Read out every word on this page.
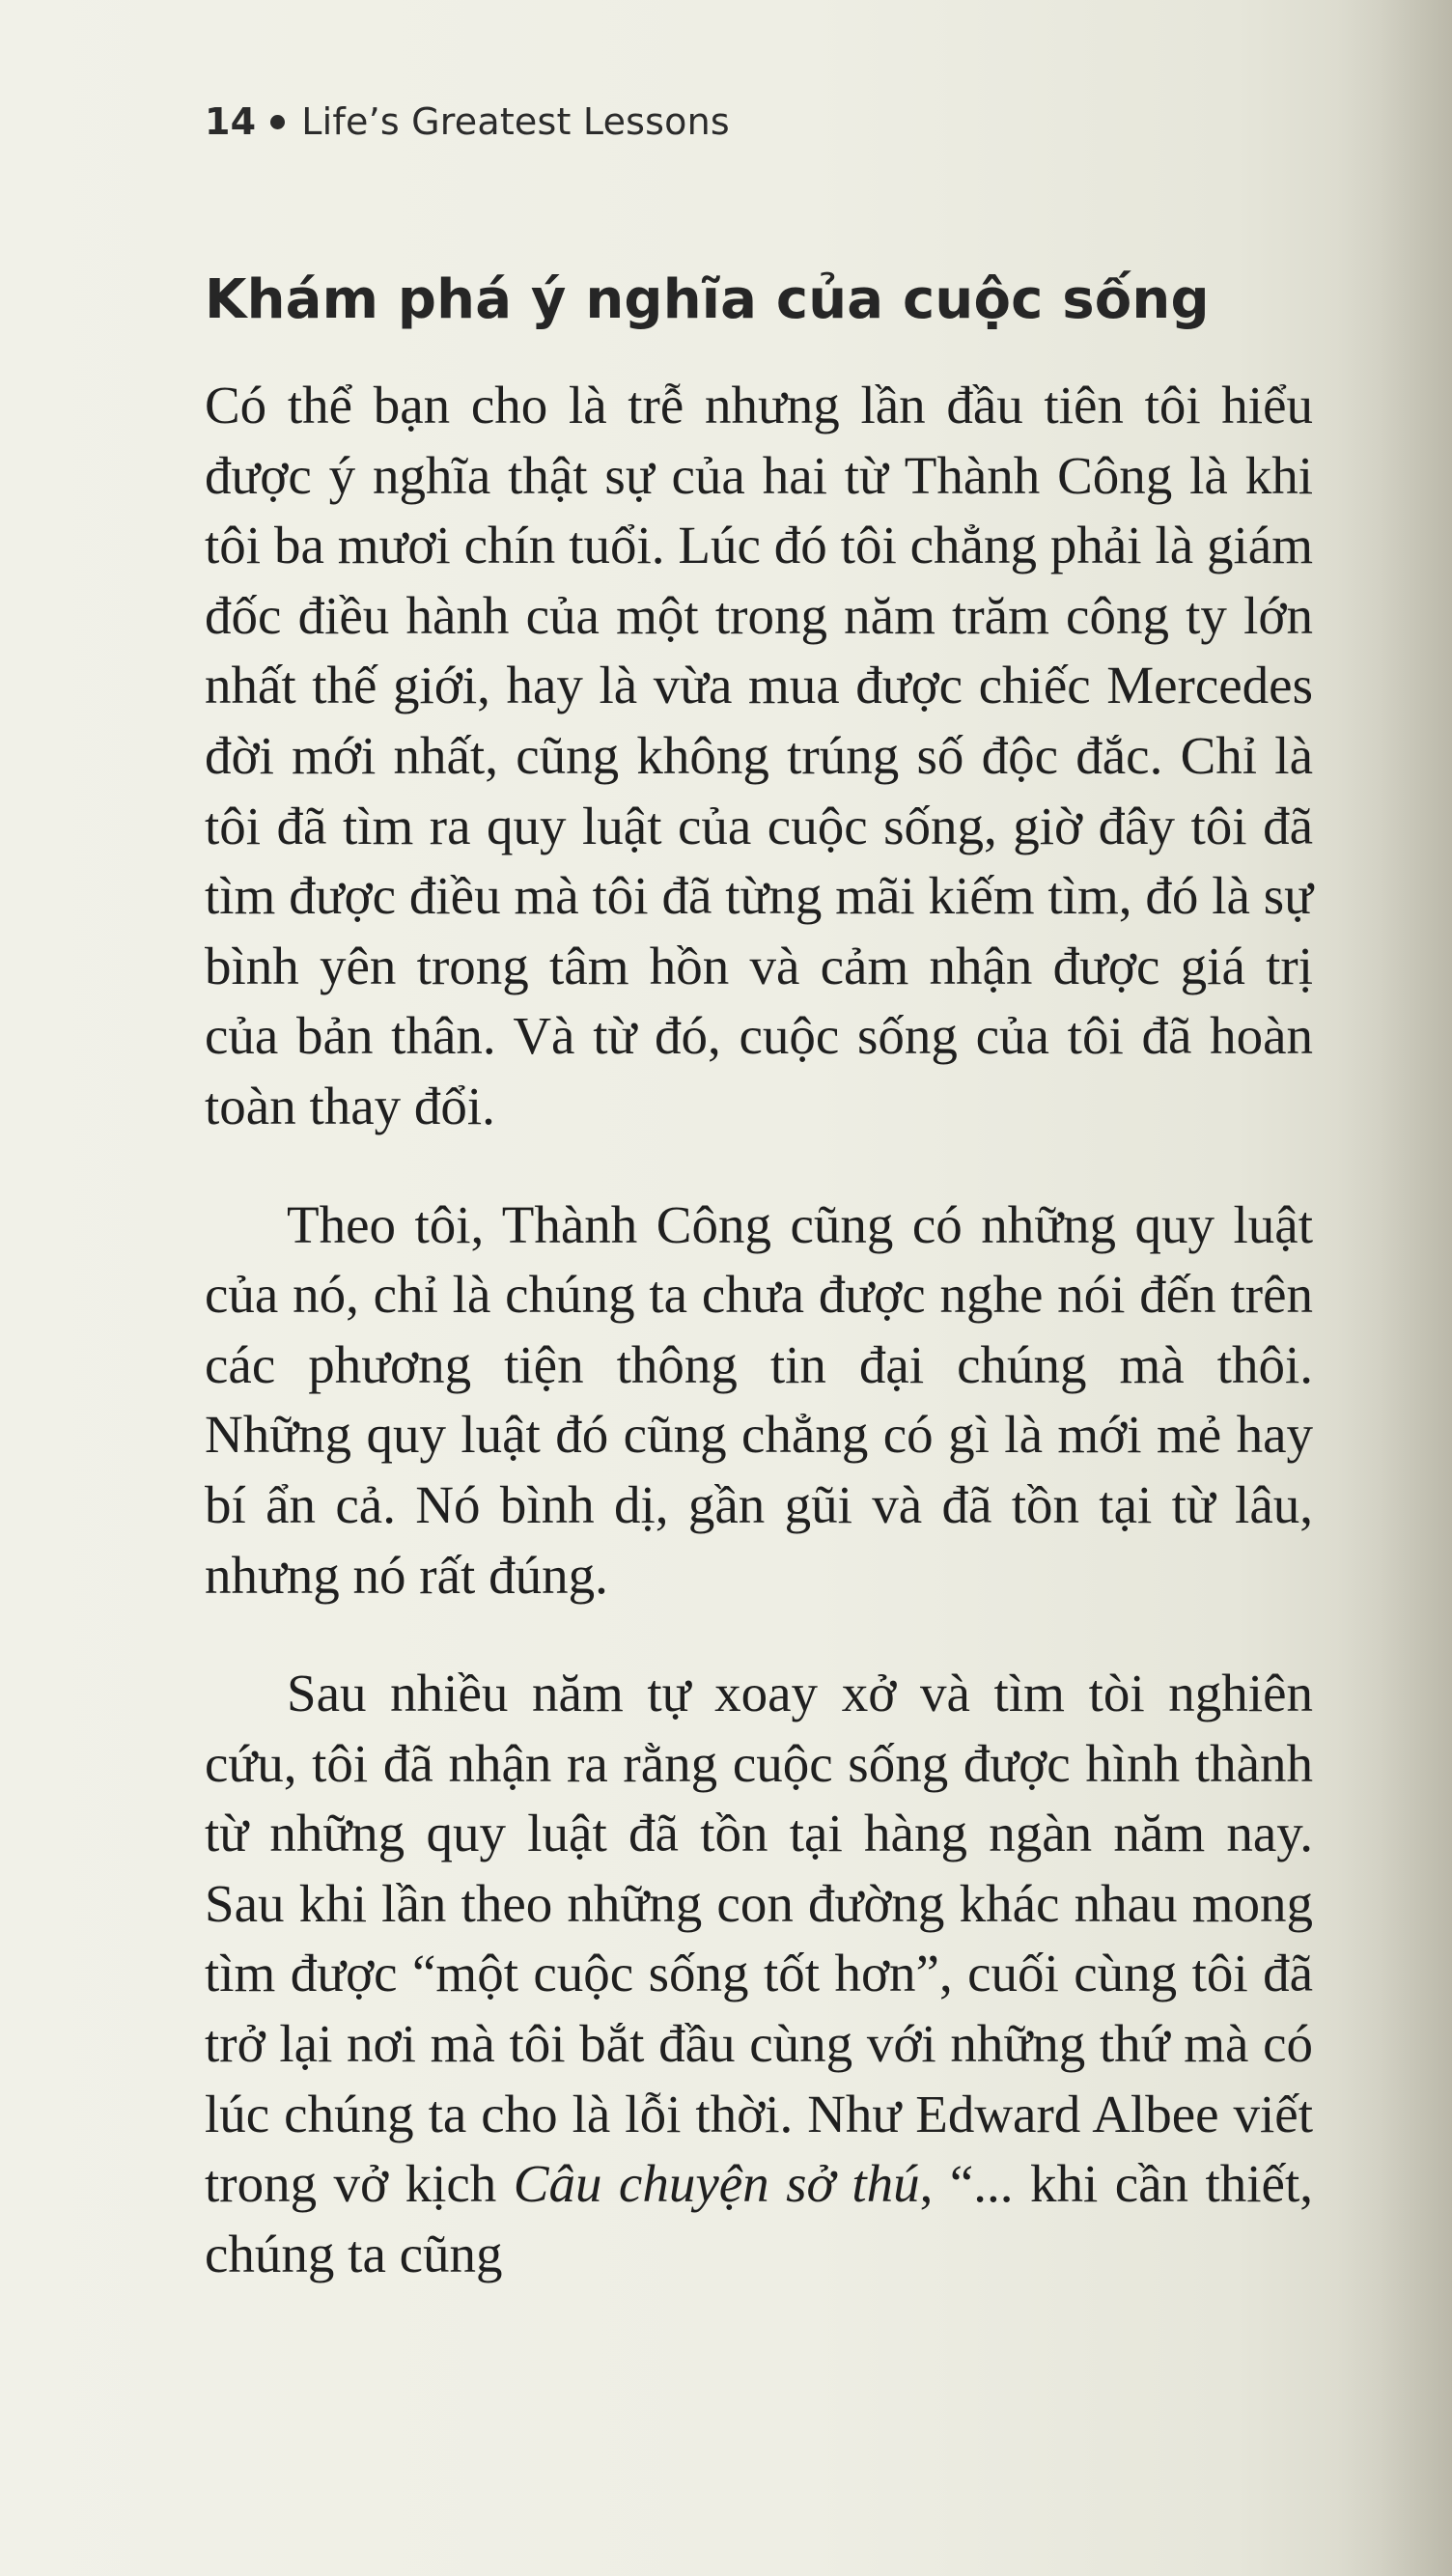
14 Life’s Greatest Lessons
Khám phá ý nghĩa của cuộc sống

Có thể bạn cho là trễ nhưng lần đầu tiên tôi hiểu được ý nghĩa thật sự của hai từ Thành Công là khi tôi ba mươi chín tuổi. Lúc đó tôi chẳng phải là giám đốc điều hành của một trong năm trăm công ty lớn nhất thế giới, hay là vừa mua được chiếc Mercedes đời mới nhất, cũng không trúng số độc đắc. Chỉ là tôi đã tìm ra quy luật của cuộc sống, giờ đây tôi đã tìm được điều mà tôi đã từng mãi kiếm tìm, đó là sự bình yên trong tâm hồn và cảm nhận được giá trị của bản thân. Và từ đó, cuộc sống của tôi đã hoàn toàn thay đổi.

Theo tôi, Thành Công cũng có những quy luật của nó, chỉ là chúng ta chưa được nghe nói đến trên các phương tiện thông tin đại chúng mà thôi. Những quy luật đó cũng chẳng có gì là mới mẻ hay bí ẩn cả. Nó bình dị, gần gũi và đã tồn tại từ lâu, nhưng nó rất đúng.

Sau nhiều năm tự xoay xở và tìm tòi nghiên cứu, tôi đã nhận ra rằng cuộc sống được hình thành từ những quy luật đã tồn tại hàng ngàn năm nay. Sau khi lần theo những con đường khác nhau mong tìm được “một cuộc sống tốt hơn”, cuối cùng tôi đã trở lại nơi mà tôi bắt đầu cùng với những thứ mà có lúc chúng ta cho là lỗi thời. Như Edward Albee viết trong vở kịch Câu chuyện sở thú, “... khi cần thiết, chúng ta cũng
